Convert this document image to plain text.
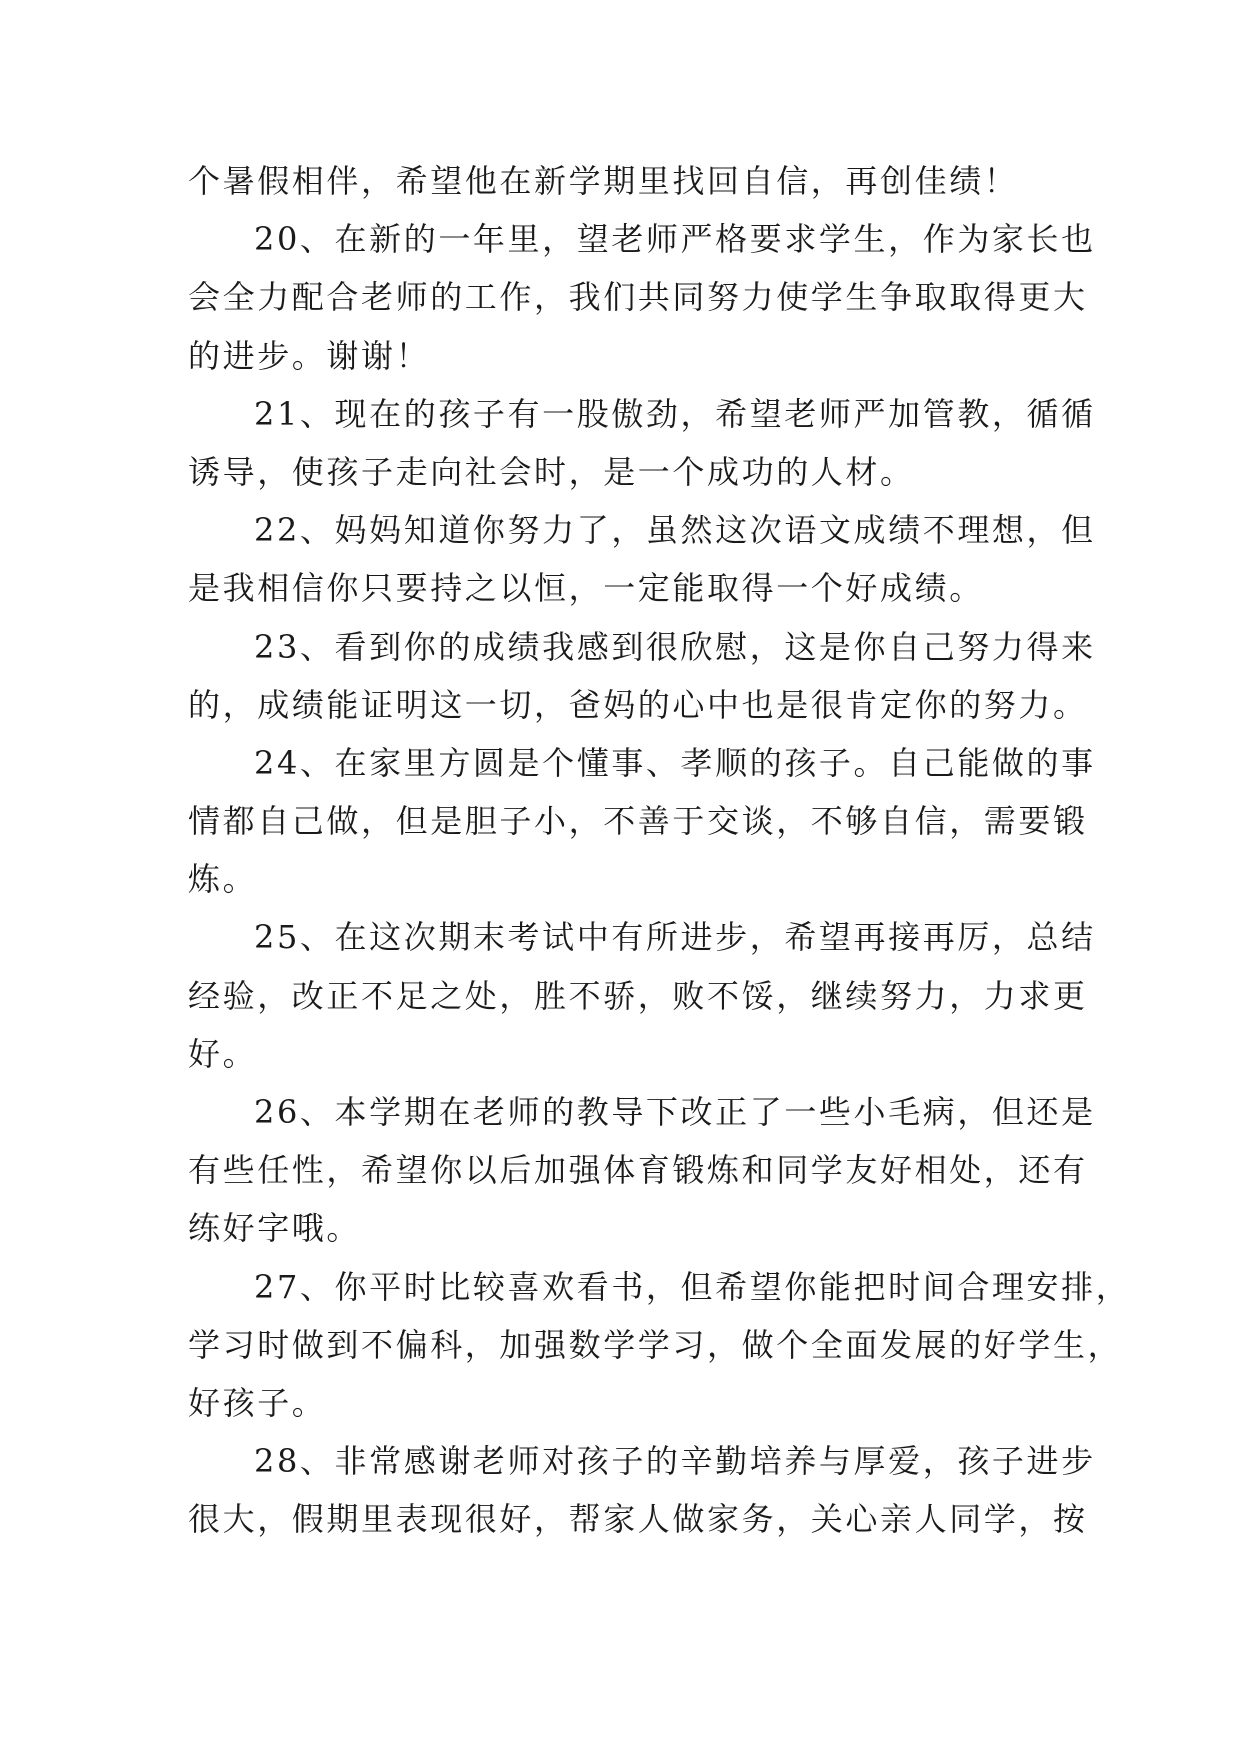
个暑假相伴，希望他在新学期里找回自信，再创佳绩！
20、在新的一年里，望老师严格要求学生，作为家长也
会全力配合老师的工作，我们共同努力使学生争取取得更大
的进步。谢谢！
21、现在的孩子有一股傲劲，希望老师严加管教，循循
诱导，使孩子走向社会时，是一个成功的人材。
22、妈妈知道你努力了，虽然这次语文成绩不理想，但
是我相信你只要持之以恒，一定能取得一个好成绩。
23、看到你的成绩我感到很欣慰，这是你自己努力得来
的，成绩能证明这一切，爸妈的心中也是很肯定你的努力。
24、在家里方圆是个懂事、孝顺的孩子。自己能做的事
情都自己做，但是胆子小，不善于交谈，不够自信，需要锻
炼。
25、在这次期末考试中有所进步，希望再接再厉，总结
经验，改正不足之处，胜不骄，败不馁，继续努力，力求更
好。
26、本学期在老师的教导下改正了一些小毛病，但还是
有些任性，希望你以后加强体育锻炼和同学友好相处，还有
练好字哦。
27、你平时比较喜欢看书，但希望你能把时间合理安排，
学习时做到不偏科，加强数学学习，做个全面发展的好学生，
好孩子。
28、非常感谢老师对孩子的辛勤培养与厚爱，孩子进步
很大，假期里表现很好，帮家人做家务，关心亲人同学，按
